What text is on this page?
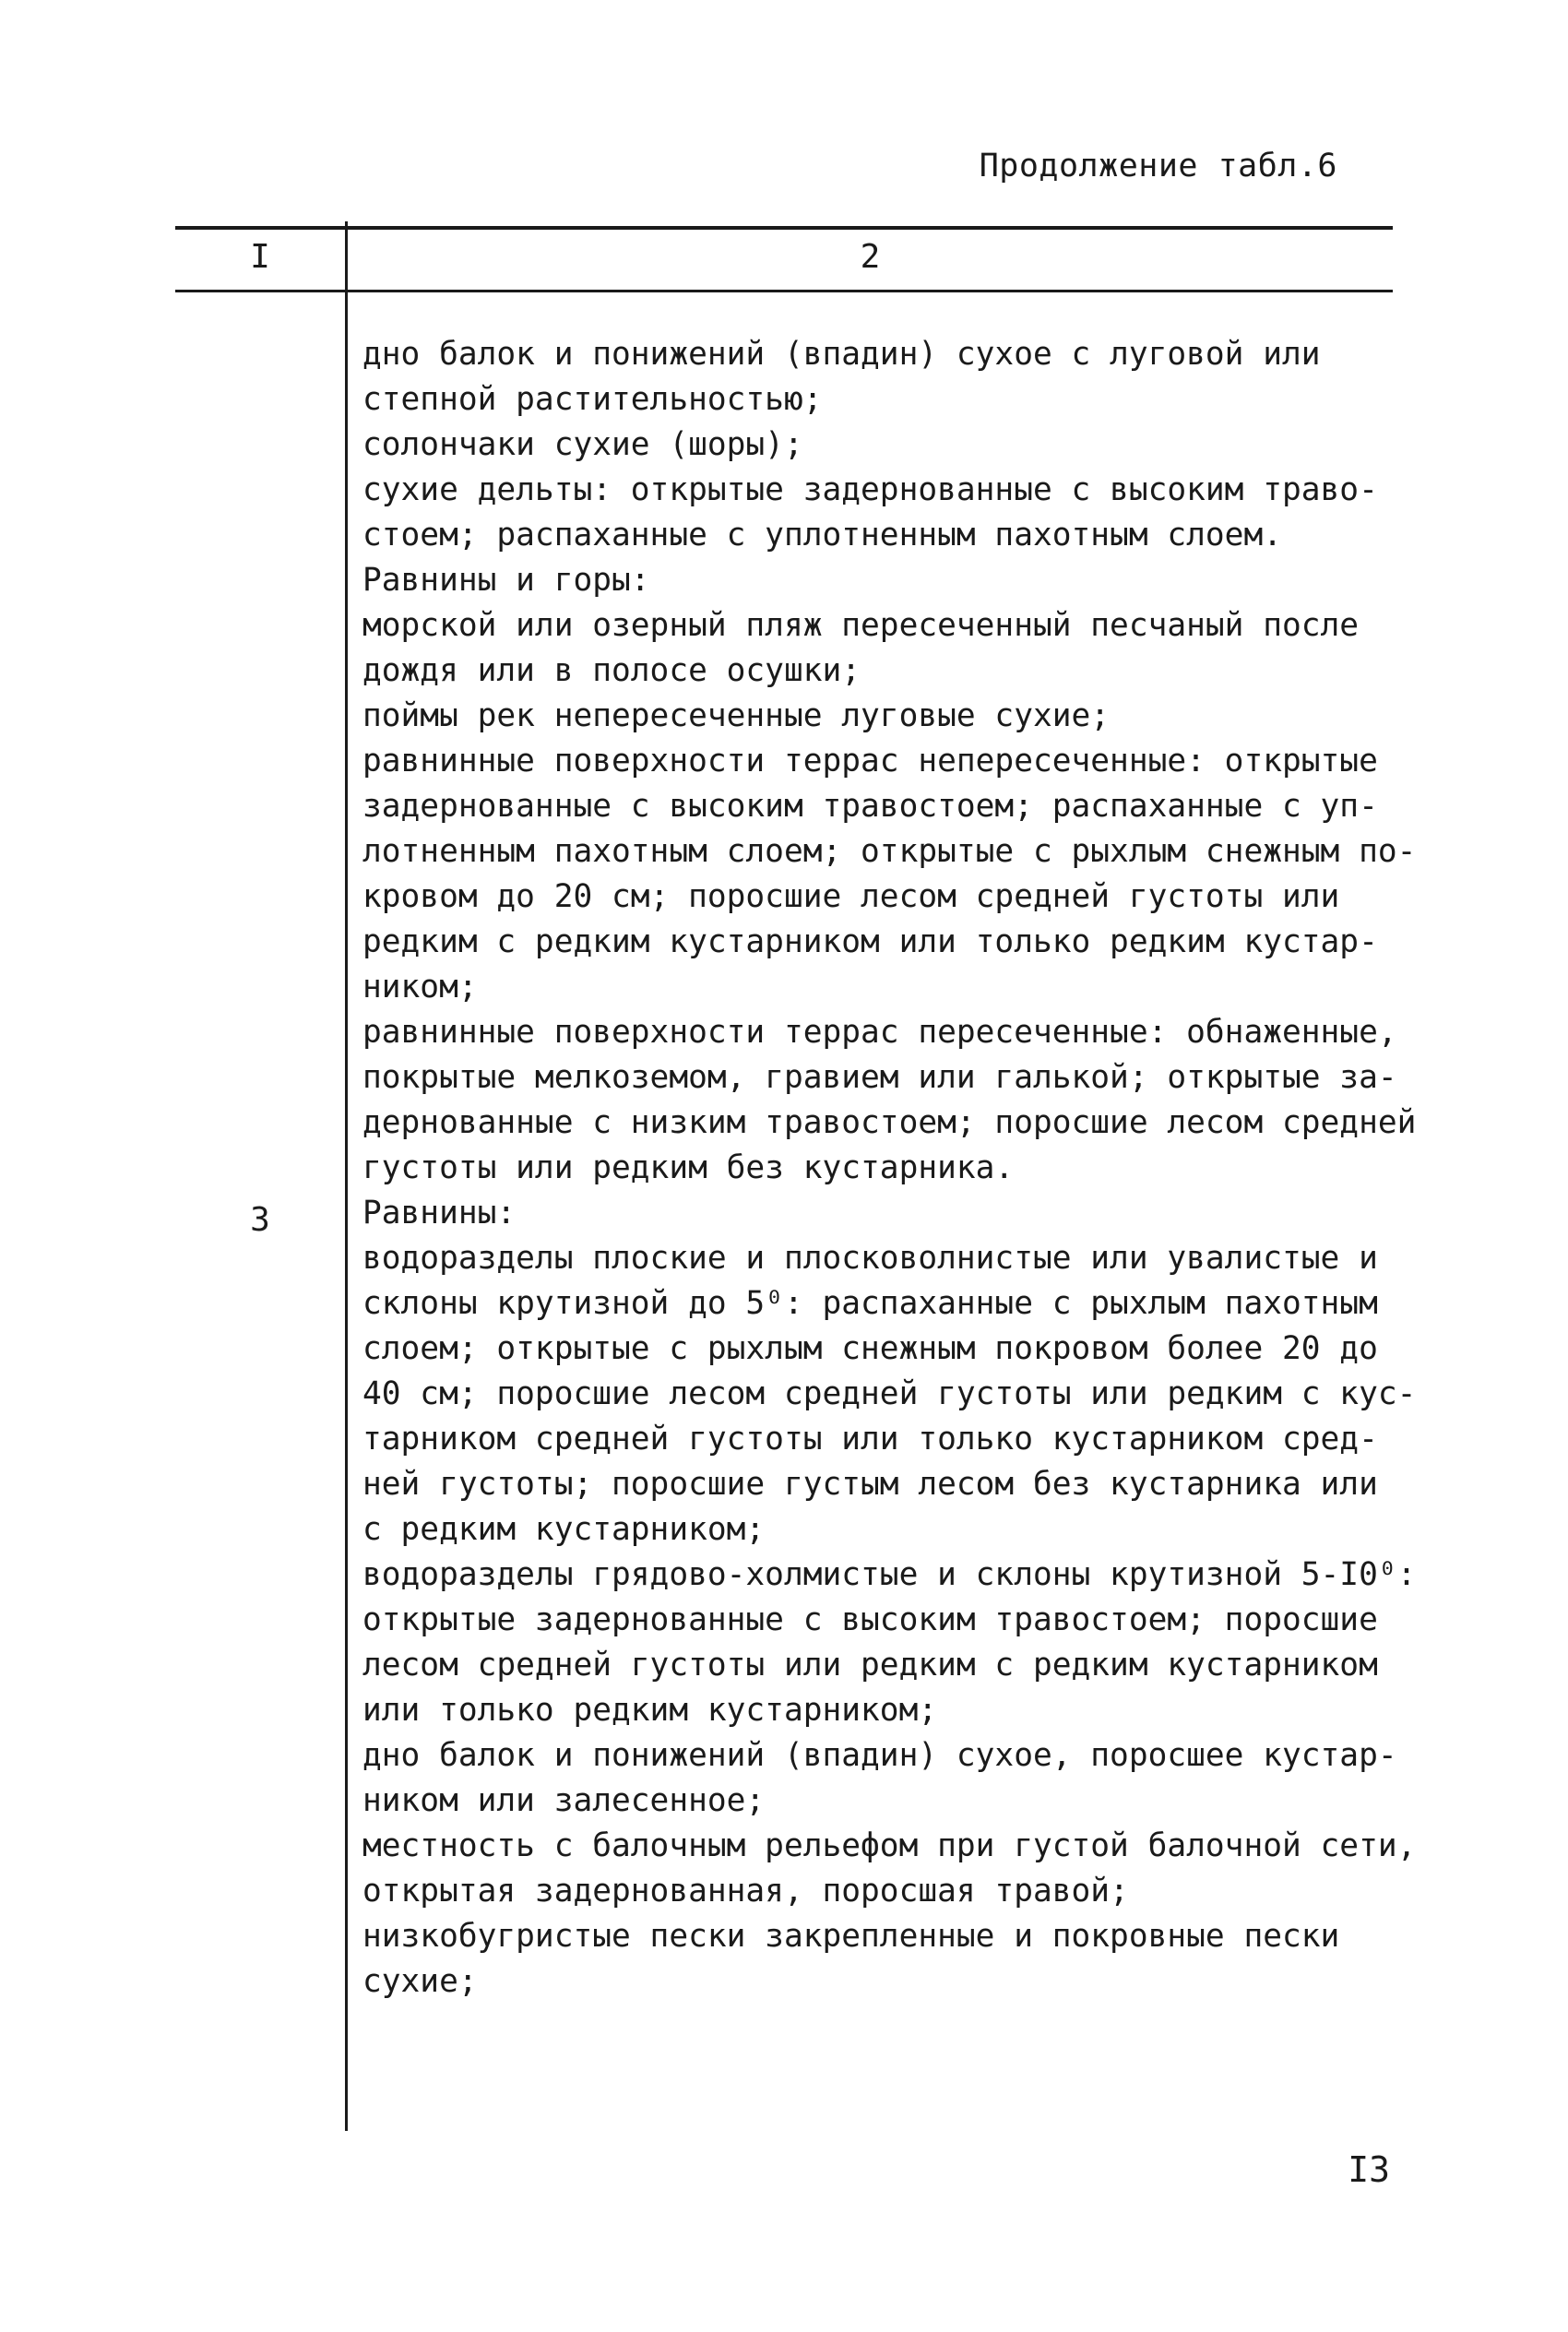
Продолжение табл.6
I	2
3
дно балок и понижений (впадин) сухое с луговой или
степной растительностью;
солончаки сухие (шоры);
сухие дельты: открытые задернованные с высоким траво-
стоем; распаханные с уплотненным пахотным слоем.
Равнины и горы:
морской или озерный пляж пересеченный песчаный после
дождя или в полосе осушки;
поймы рек непересеченные луговые сухие;
равнинные поверхности террас непересеченные: открытые
задернованные с высоким травостоем; распаханные с уп-
лотненным пахотным слоем; открытые с рыхлым снежным по-
кровом до 20 см; поросшие лесом средней густоты или
редким с редким кустарником или только редким кустар-
ником;
равнинные поверхности террас пересеченные: обнаженные,
покрытые мелкоземом, гравием или галькой; открытые за-
дернованные с низким травостоем; поросшие лесом средней
густоты или редким без кустарника.
Равнины:
водоразделы плоские и плосковолнистые или увалистые и
склоны крутизной до 5⁰: распаханные с рыхлым пахотным
слоем; открытые с рыхлым снежным покровом более 20 до
40 см; поросшие лесом средней густоты или редким с кус-
тарником средней густоты или только кустарником сред-
ней густоты; поросшие густым лесом без кустарника или
с редким кустарником;
водоразделы грядово-холмистые и склоны крутизной 5-I0⁰:
открытые задернованные с высоким травостоем; поросшие
лесом средней густоты или редким с редким кустарником
или только редким кустарником;
дно балок и понижений (впадин) сухое, поросшее кустар-
ником или залесенное;
местность с балочным рельефом при густой балочной сети,
открытая задернованная, поросшая травой;
низкобугристые пески закрепленные и покровные пески
сухие;
I3
